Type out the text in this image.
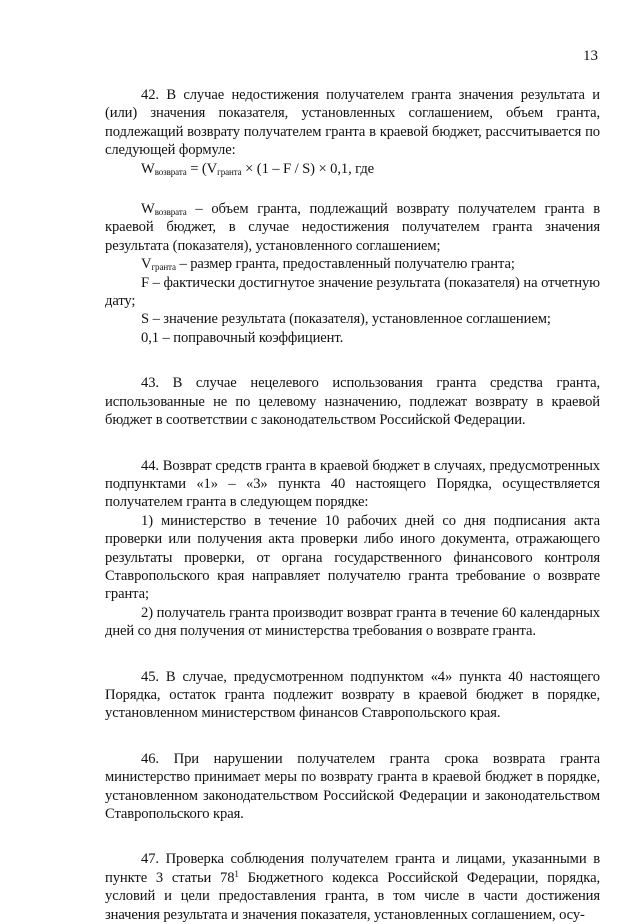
13

42. В случае недостижения получателем гранта значения результата и (или) значения показателя, установленных соглашением, объем гранта, подлежащий возврату получателем гранта в краевой бюджет, рассчитывается по следующей формуле:

$W_{возврата} = (V_{гранта} \times (1 - F / S) \times 0,1$, где

$W_{возврата}$ – объем гранта, подлежащий возврату получателем гранта в краевой бюджет, в случае недостижения получателем гранта значения результата (показателя), установленного соглашением;

$V_{гранта}$ – размер гранта, предоставленный получателю гранта;

F – фактически достигнутое значение результата (показателя) на отчетную дату;

S – значение результата (показателя), установленное соглашением;

0,1 – поправочный коэффициент.

43. В случае нецелевого использования гранта средства гранта, использованные не по целевому назначению, подлежат возврату в краевой бюджет в соответствии с законодательством Российской Федерации.

44. Возврат средств гранта в краевой бюджет в случаях, предусмотренных подпунктами «1» – «3» пункта 40 настоящего Порядка, осуществляется получателем гранта в следующем порядке:

1) министерство в течение 10 рабочих дней со дня подписания акта проверки или получения акта проверки либо иного документа, отражающего результаты проверки, от органа государственного финансового контроля Ставропольского края направляет получателю гранта требование о возврате гранта;

2) получатель гранта производит возврат гранта в течение 60 календарных дней со дня получения от министерства требования о возврате гранта.

45. В случае, предусмотренном подпунктом «4» пункта 40 настоящего Порядка, остаток гранта подлежит возврату в краевой бюджет в порядке, установленном министерством финансов Ставропольского края.

46. При нарушении получателем гранта срока возврата гранта министерство принимает меры по возврату гранта в краевой бюджет в порядке, установленном законодательством Российской Федерации и законодательством Ставропольского края.

47. Проверка соблюдения получателем гранта и лицами, указанными в пункте 3 статьи $78^1$ Бюджетного кодекса Российской Федерации, порядка, условий и цели предоставления гранта, в том числе в части достижения значения результата и значения показателя, установленных соглашением, осу-
